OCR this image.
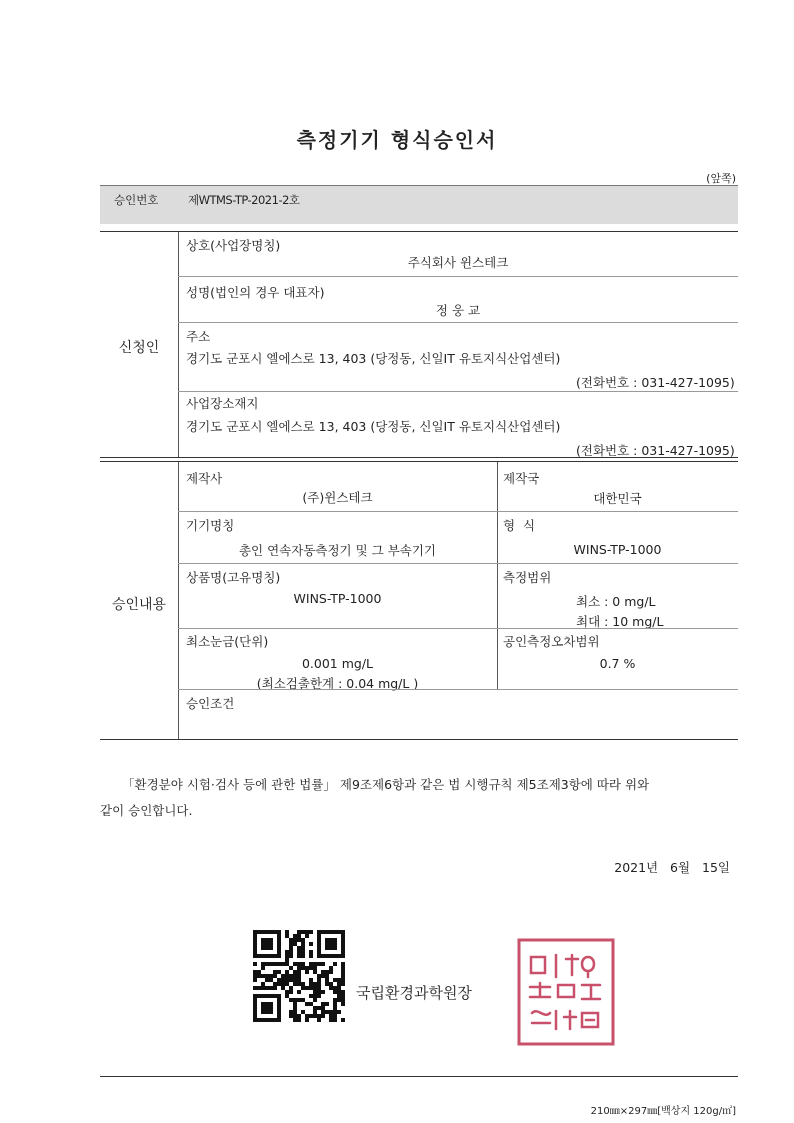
측정기기 형식승인서
(앞쪽)
승인번호	제WTMS-TP-2021-2호
신청인
상호(사업장명칭)
주식회사 윈스테크
성명(법인의 경우 대표자)
정 웅 교
주소
경기도 군포시 엘에스로 13, 403 (당정동, 신일IT 유토지식산업센터)
(전화번호 : 031-427-1095)
사업장소재지
경기도 군포시 엘에스로 13, 403 (당정동, 신일IT 유토지식산업센터)
(전화번호 : 031-427-1095)
승인내용
제작사
(주)윈스테크
제작국
대한민국
기기명칭
총인 연속자동측정기 및 그 부속기기
형  식
WINS-TP-1000
상품명(고유명칭)
WINS-TP-1000
측정범위
최소 : 0 mg/L
최대 : 10 mg/L
최소눈금(단위)
0.001 mg/L
(최소검출한계 : 0.04 mg/L )
공인측정오차범위
0.7 %
승인조건
「환경분야 시험·검사 등에 관한 법률」 제9조제6항과 같은 법 시행규칙 제5조제3항에 따라 위와
같이 승인합니다.
2021년   6월   15일
국립환경과학원장
210㎜×297㎜[백상지 120g/㎡]
